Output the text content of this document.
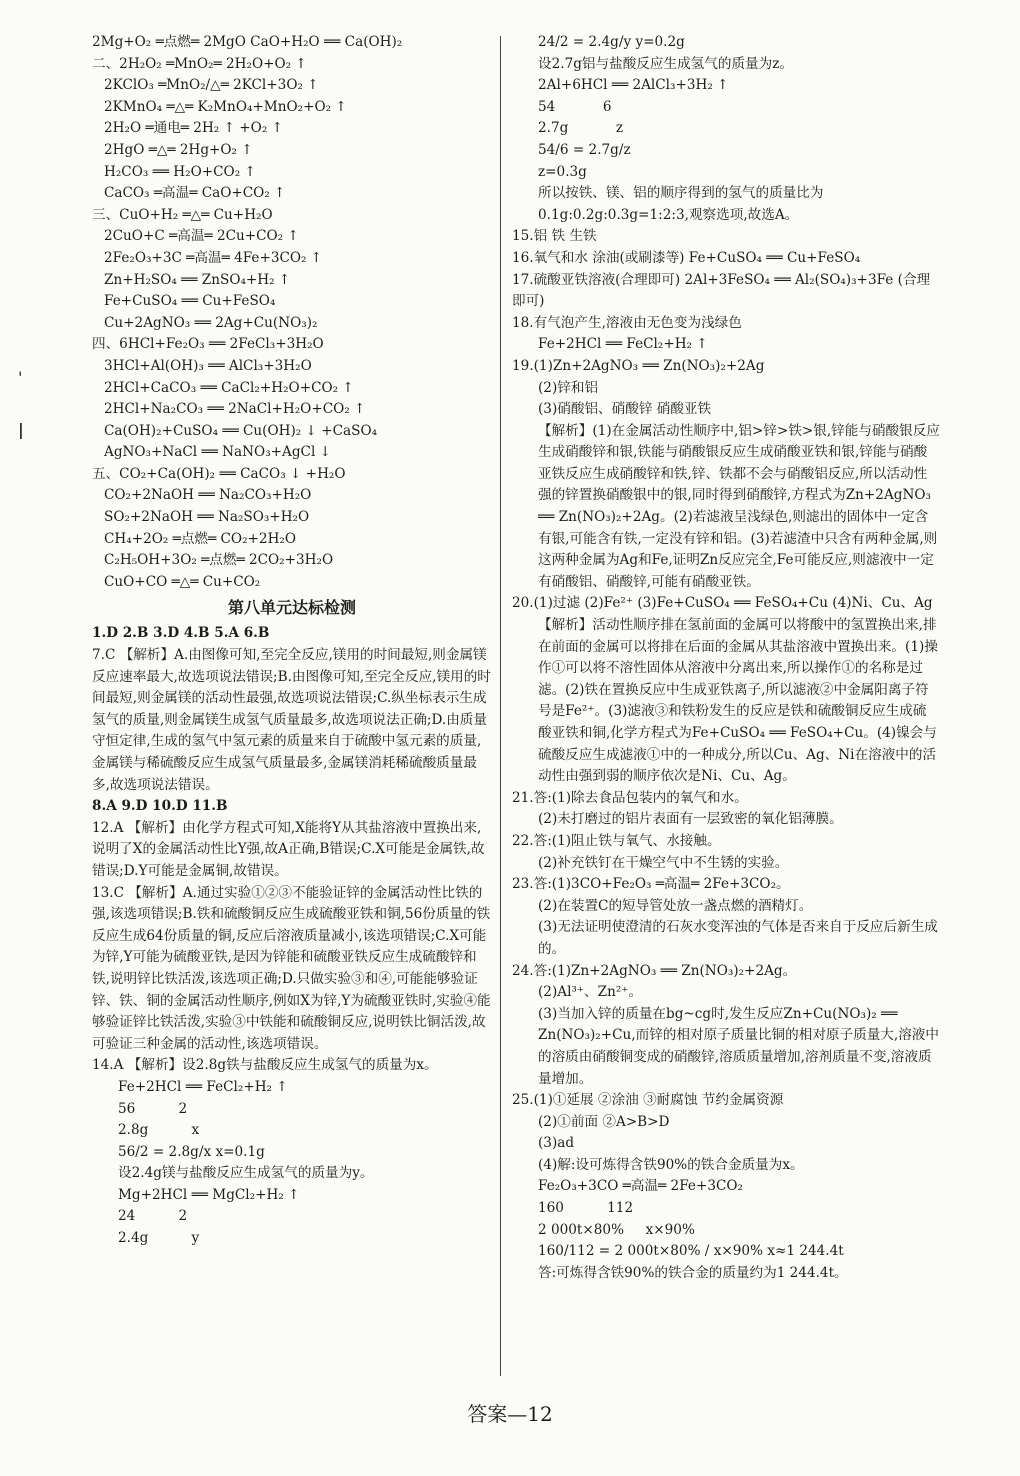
'
|
2Mg+O₂ ═点燃═ 2MgO CaO+H₂O ══ Ca(OH)₂
二、2H₂O₂ ═MnO₂═ 2H₂O+O₂ ↑
2KClO₃ ═MnO₂/△═ 2KCl+3O₂ ↑
2KMnO₄ ═△═ K₂MnO₄+MnO₂+O₂ ↑
2H₂O ═通电═ 2H₂ ↑ +O₂ ↑
2HgO ═△═ 2Hg+O₂ ↑
H₂CO₃ ══ H₂O+CO₂ ↑
CaCO₃ ═高温═ CaO+CO₂ ↑
三、CuO+H₂ ═△═ Cu+H₂O
2CuO+C ═高温═ 2Cu+CO₂ ↑
2Fe₂O₃+3C ═高温═ 4Fe+3CO₂ ↑
Zn+H₂SO₄ ══ ZnSO₄+H₂ ↑
Fe+CuSO₄ ══ Cu+FeSO₄
Cu+2AgNO₃ ══ 2Ag+Cu(NO₃)₂
四、6HCl+Fe₂O₃ ══ 2FeCl₃+3H₂O
3HCl+Al(OH)₃ ══ AlCl₃+3H₂O
2HCl+CaCO₃ ══ CaCl₂+H₂O+CO₂ ↑
2HCl+Na₂CO₃ ══ 2NaCl+H₂O+CO₂ ↑
Ca(OH)₂+CuSO₄ ══ Cu(OH)₂ ↓ +CaSO₄
AgNO₃+NaCl ══ NaNO₃+AgCl ↓
五、CO₂+Ca(OH)₂ ══ CaCO₃ ↓ +H₂O
CO₂+2NaOH ══ Na₂CO₃+H₂O
SO₂+2NaOH ══ Na₂SO₃+H₂O
CH₄+2O₂ ═点燃═ CO₂+2H₂O
C₂H₅OH+3O₂ ═点燃═ 2CO₂+3H₂O
CuO+CO ═△═ Cu+CO₂
第八单元达标检测
1.D 2.B 3.D 4.B 5.A 6.B
7.C 【解析】A.由图像可知,至完全反应,镁用的时间最短,则金属镁反应速率最大,故选项说法错误;B.由图像可知,至完全反应,镁用的时间最短,则金属镁的活动性最强,故选项说法错误;C.纵坐标表示生成氢气的质量,则金属镁生成氢气质量最多,故选项说法正确;D.由质量守恒定律,生成的氢气中氢元素的质量来自于硫酸中氢元素的质量,金属镁与稀硫酸反应生成氢气质量最多,金属镁消耗稀硫酸质量最多,故选项说法错误。
8.A 9.D 10.D 11.B
12.A 【解析】由化学方程式可知,X能将Y从其盐溶液中置换出来,说明了X的金属活动性比Y强,故A正确,B错误;C.X可能是金属铁,故错误;D.Y可能是金属铜,故错误。
13.C 【解析】A.通过实验①②③不能验证锌的金属活动性比铁的强,该选项错误;B.铁和硫酸铜反应生成硫酸亚铁和铜,56份质量的铁反应生成64份质量的铜,反应后溶液质量减小,该选项错误;C.X可能为锌,Y可能为硫酸亚铁,是因为锌能和硫酸亚铁反应生成硫酸锌和铁,说明锌比铁活泼,该选项正确;D.只做实验③和④,可能能够验证锌、铁、铜的金属活动性顺序,例如X为锌,Y为硫酸亚铁时,实验④能够验证锌比铁活泼,实验③中铁能和硫酸铜反应,说明铁比铜活泼,故可验证三种金属的活动性,该选项错误。
14.A 【解析】设2.8g铁与盐酸反应生成氢气的质量为x。
Fe+2HCl ══ FeCl₂+H₂ ↑
56          2
2.8g          x
56/2 = 2.8g/x x=0.1g
设2.4g镁与盐酸反应生成氢气的质量为y。
Mg+2HCl ══ MgCl₂+H₂ ↑
24          2
2.4g          y
24/2 = 2.4g/y y=0.2g
设2.7g铝与盐酸反应生成氢气的质量为z。
2Al+6HCl ══ 2AlCl₃+3H₂ ↑
54           6
2.7g           z
54/6 = 2.7g/z
z=0.3g
所以按铁、镁、铝的顺序得到的氢气的质量比为0.1g:0.2g:0.3g=1:2:3,观察选项,故选A。
15.铝 铁 生铁
16.氧气和水 涂油(或刷漆等) Fe+CuSO₄ ══ Cu+FeSO₄
17.硫酸亚铁溶液(合理即可) 2Al+3FeSO₄ ══ Al₂(SO₄)₃+3Fe (合理即可)
18.有气泡产生,溶液由无色变为浅绿色
Fe+2HCl ══ FeCl₂+H₂ ↑
19.(1)Zn+2AgNO₃ ══ Zn(NO₃)₂+2Ag
(2)锌和铝
(3)硝酸铝、硝酸锌 硝酸亚铁
【解析】(1)在金属活动性顺序中,铝>锌>铁>银,锌能与硝酸银反应生成硝酸锌和银,铁能与硝酸银反应生成硝酸亚铁和银,锌能与硝酸亚铁反应生成硝酸锌和铁,锌、铁都不会与硝酸铝反应,所以活动性强的锌置换硝酸银中的银,同时得到硝酸锌,方程式为Zn+2AgNO₃ ══ Zn(NO₃)₂+2Ag。(2)若滤液呈浅绿色,则滤出的固体中一定含有银,可能含有铁,一定没有锌和铝。(3)若滤渣中只含有两种金属,则这两种金属为Ag和Fe,证明Zn反应完全,Fe可能反应,则滤液中一定有硝酸铝、硝酸锌,可能有硝酸亚铁。
20.(1)过滤 (2)Fe²⁺ (3)Fe+CuSO₄ ══ FeSO₄+Cu (4)Ni、Cu、Ag
【解析】活动性顺序排在氢前面的金属可以将酸中的氢置换出来,排在前面的金属可以将排在后面的金属从其盐溶液中置换出来。(1)操作①可以将不溶性固体从溶液中分离出来,所以操作①的名称是过滤。(2)铁在置换反应中生成亚铁离子,所以滤液②中金属阳离子符号是Fe²⁺。(3)滤液③和铁粉发生的反应是铁和硫酸铜反应生成硫酸亚铁和铜,化学方程式为Fe+CuSO₄ ══ FeSO₄+Cu。(4)镍会与硫酸反应生成滤液①中的一种成分,所以Cu、Ag、Ni在溶液中的活动性由强到弱的顺序依次是Ni、Cu、Ag。
21.答:(1)除去食品包装内的氧气和水。
(2)未打磨过的铝片表面有一层致密的氧化铝薄膜。
22.答:(1)阻止铁与氧气、水接触。
(2)补充铁钉在干燥空气中不生锈的实验。
23.答:(1)3CO+Fe₂O₃ ═高温═ 2Fe+3CO₂。
(2)在装置C的短导管处放一盏点燃的酒精灯。
(3)无法证明使澄清的石灰水变浑浊的气体是否来自于反应后新生成的。
24.答:(1)Zn+2AgNO₃ ══ Zn(NO₃)₂+2Ag。
(2)Al³⁺、Zn²⁺。
(3)当加入锌的质量在bg~cg时,发生反应Zn+Cu(NO₃)₂ ══ Zn(NO₃)₂+Cu,而锌的相对原子质量比铜的相对原子质量大,溶液中的溶质由硝酸铜变成的硝酸锌,溶质质量增加,溶剂质量不变,溶液质量增加。
25.(1)①延展 ②涂油 ③耐腐蚀 节约金属资源
(2)①前面 ②A>B>D
(3)ad
(4)解:设可炼得含铁90%的铁合金质量为x。
Fe₂O₃+3CO ═高温═ 2Fe+3CO₂
160          112
2 000t×80%     x×90%
160/112 = 2 000t×80% / x×90% x≈1 244.4t
答:可炼得含铁90%的铁合金的质量约为1 244.4t。
答案—12
